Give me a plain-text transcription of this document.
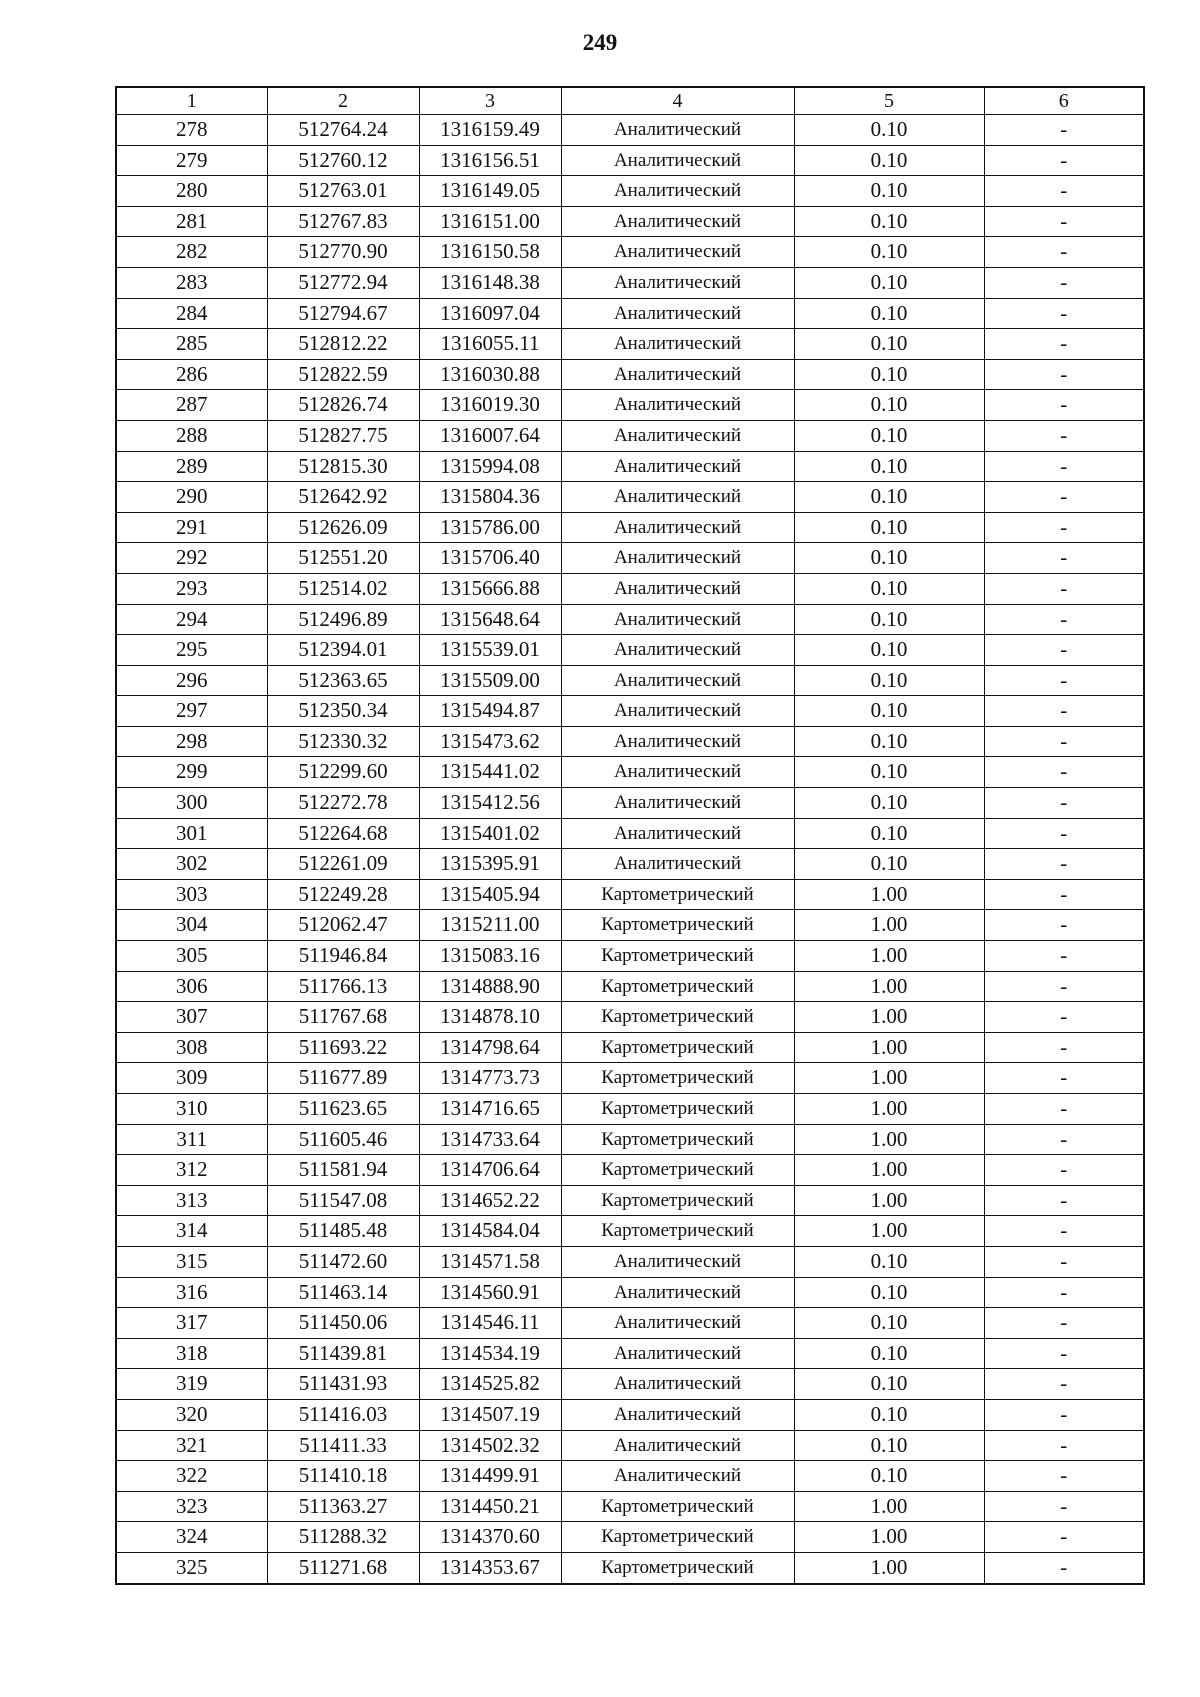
249
1	2	3	4	5	6
278	512764.24	1316159.49	Аналитический	0.10	-
279	512760.12	1316156.51	Аналитический	0.10	-
280	512763.01	1316149.05	Аналитический	0.10	-
281	512767.83	1316151.00	Аналитический	0.10	-
282	512770.90	1316150.58	Аналитический	0.10	-
283	512772.94	1316148.38	Аналитический	0.10	-
284	512794.67	1316097.04	Аналитический	0.10	-
285	512812.22	1316055.11	Аналитический	0.10	-
286	512822.59	1316030.88	Аналитический	0.10	-
287	512826.74	1316019.30	Аналитический	0.10	-
288	512827.75	1316007.64	Аналитический	0.10	-
289	512815.30	1315994.08	Аналитический	0.10	-
290	512642.92	1315804.36	Аналитический	0.10	-
291	512626.09	1315786.00	Аналитический	0.10	-
292	512551.20	1315706.40	Аналитический	0.10	-
293	512514.02	1315666.88	Аналитический	0.10	-
294	512496.89	1315648.64	Аналитический	0.10	-
295	512394.01	1315539.01	Аналитический	0.10	-
296	512363.65	1315509.00	Аналитический	0.10	-
297	512350.34	1315494.87	Аналитический	0.10	-
298	512330.32	1315473.62	Аналитический	0.10	-
299	512299.60	1315441.02	Аналитический	0.10	-
300	512272.78	1315412.56	Аналитический	0.10	-
301	512264.68	1315401.02	Аналитический	0.10	-
302	512261.09	1315395.91	Аналитический	0.10	-
303	512249.28	1315405.94	Картометрический	1.00	-
304	512062.47	1315211.00	Картометрический	1.00	-
305	511946.84	1315083.16	Картометрический	1.00	-
306	511766.13	1314888.90	Картометрический	1.00	-
307	511767.68	1314878.10	Картометрический	1.00	-
308	511693.22	1314798.64	Картометрический	1.00	-
309	511677.89	1314773.73	Картометрический	1.00	-
310	511623.65	1314716.65	Картометрический	1.00	-
311	511605.46	1314733.64	Картометрический	1.00	-
312	511581.94	1314706.64	Картометрический	1.00	-
313	511547.08	1314652.22	Картометрический	1.00	-
314	511485.48	1314584.04	Картометрический	1.00	-
315	511472.60	1314571.58	Аналитический	0.10	-
316	511463.14	1314560.91	Аналитический	0.10	-
317	511450.06	1314546.11	Аналитический	0.10	-
318	511439.81	1314534.19	Аналитический	0.10	-
319	511431.93	1314525.82	Аналитический	0.10	-
320	511416.03	1314507.19	Аналитический	0.10	-
321	511411.33	1314502.32	Аналитический	0.10	-
322	511410.18	1314499.91	Аналитический	0.10	-
323	511363.27	1314450.21	Картометрический	1.00	-
324	511288.32	1314370.60	Картометрический	1.00	-
325	511271.68	1314353.67	Картометрический	1.00	-
